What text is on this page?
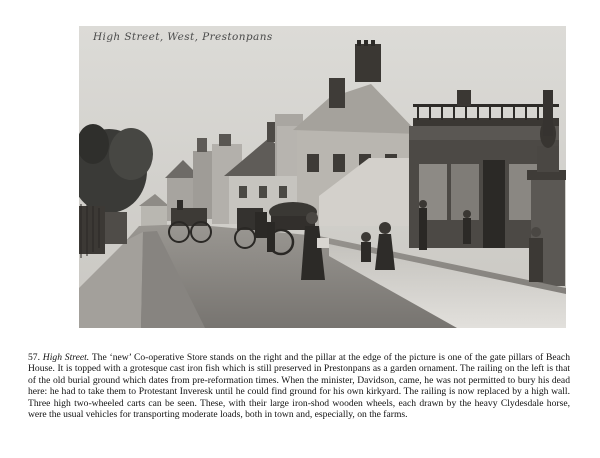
High Street, West, Prestonpans

57. High Street. The ‘new’ Co-operative Store stands on the right and the pillar at the edge of the picture is one of the gate pillars of Beach House. It is topped with a grotesque cast iron fish which is still preserved in Prestonpans as a garden ornament. The railing on the left is that of the old burial ground which dates from pre-reformation times. When the minister, Davidson, came, he was not permitted to bury his dead here: he had to take them to Protestant Inveresk until he could find ground for his own kirkyard. The railing is now replaced by a high wall. Three high two-wheeled carts can be seen. These, with their large iron-shod wooden wheels, each drawn by the heavy Clydesdale horse, were the usual vehicles for transporting moderate loads, both in town and, especially, on the farms.
